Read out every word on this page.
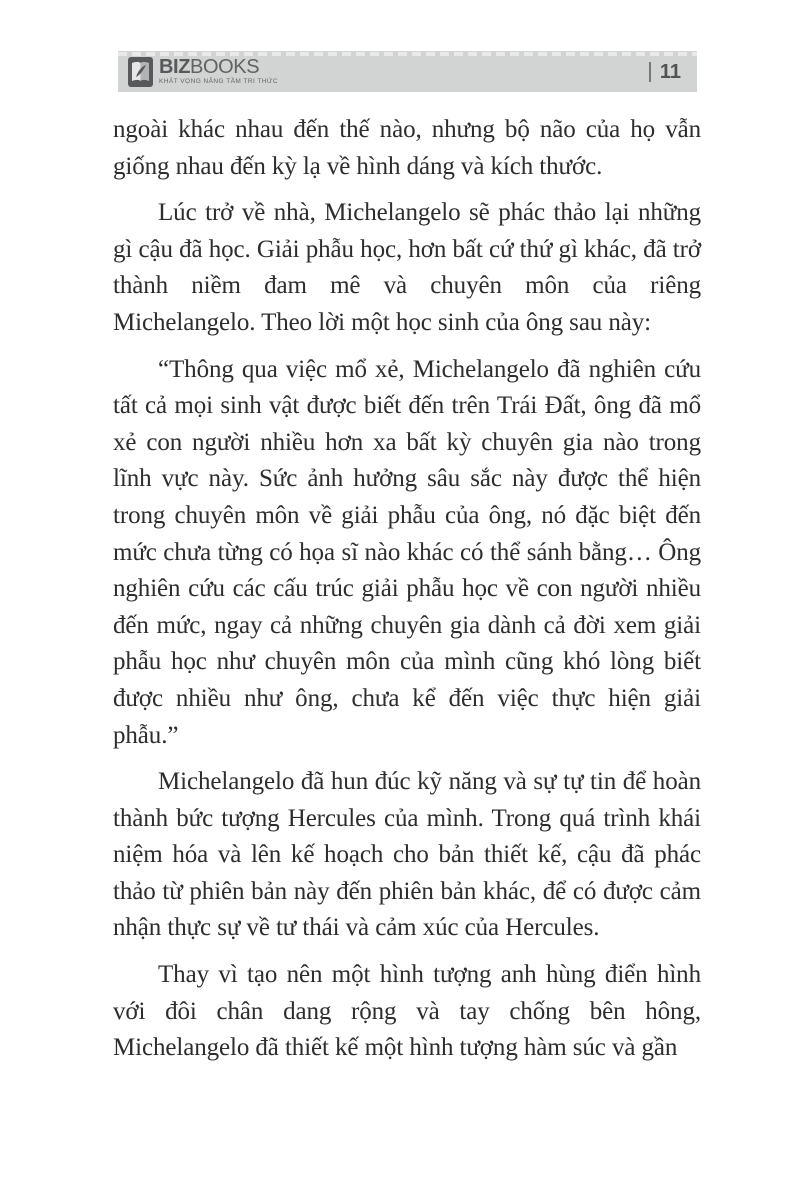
BIZBOOKS
KHÁT VỌNG NÂNG TẦM TRI THỨC	11

ngoài khác nhau đến thế nào, nhưng bộ não của họ vẫn giống nhau đến kỳ lạ về hình dáng và kích thước.

Lúc trở về nhà, Michelangelo sẽ phác thảo lại những gì cậu đã học. Giải phẫu học, hơn bất cứ thứ gì khác, đã trở thành niềm đam mê và chuyên môn của riêng Michelangelo. Theo lời một học sinh của ông sau này:

“Thông qua việc mổ xẻ, Michelangelo đã nghiên cứu tất cả mọi sinh vật được biết đến trên Trái Đất, ông đã mổ xẻ con người nhiều hơn xa bất kỳ chuyên gia nào trong lĩnh vực này. Sức ảnh hưởng sâu sắc này được thể hiện trong chuyên môn về giải phẫu của ông, nó đặc biệt đến mức chưa từng có họa sĩ nào khác có thể sánh bằng… Ông nghiên cứu các cấu trúc giải phẫu học về con người nhiều đến mức, ngay cả những chuyên gia dành cả đời xem giải phẫu học như chuyên môn của mình cũng khó lòng biết được nhiều như ông, chưa kể đến việc thực hiện giải phẫu.”

Michelangelo đã hun đúc kỹ năng và sự tự tin để hoàn thành bức tượng Hercules của mình. Trong quá trình khái niệm hóa và lên kế hoạch cho bản thiết kế, cậu đã phác thảo từ phiên bản này đến phiên bản khác, để có được cảm nhận thực sự về tư thái và cảm xúc của Hercules.

Thay vì tạo nên một hình tượng anh hùng điển hình với đôi chân dang rộng và tay chống bên hông, Michelangelo đã thiết kế một hình tượng hàm súc và gần
